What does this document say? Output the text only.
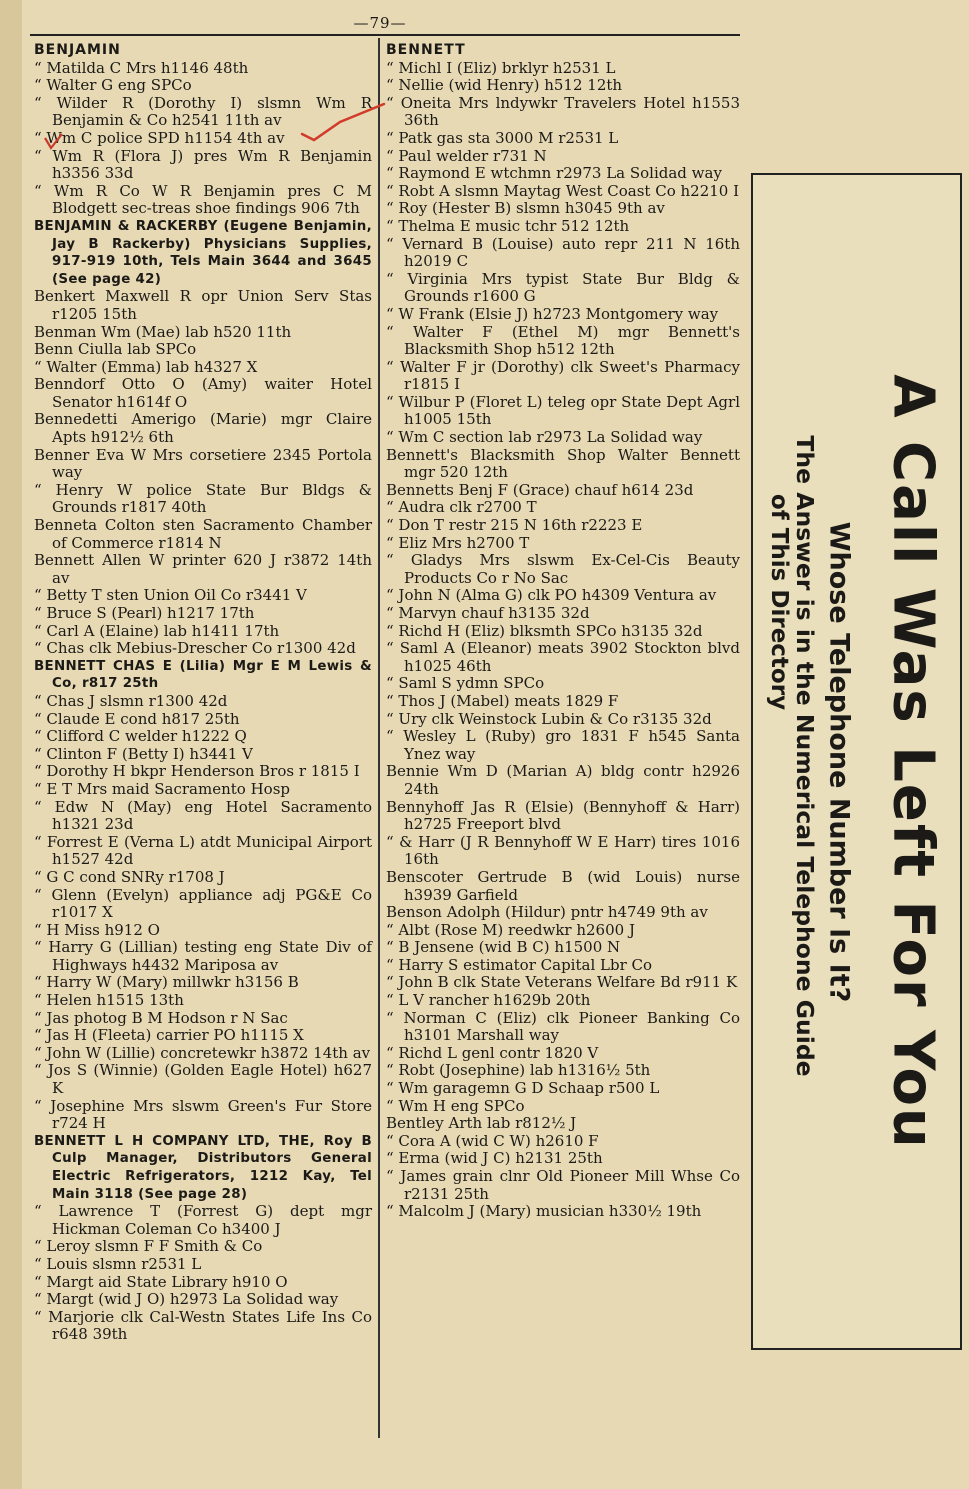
—79—

BENJAMIN

“ Matilda C Mrs h1146 48th

“ Walter G eng SPCo

“ Wilder R (Dorothy I) slsmn Wm R Benjamin & Co h2541 11th av

“ Wm C police SPD h1154 4th av

“ Wm R (Flora J) pres Wm R Benjamin h3356 33d

“ Wm R Co W R Benjamin pres C M Blodgett sec-treas shoe findings 906 7th

BENJAMIN & RACKERBY (Eugene Benjamin, Jay B Rackerby) Physicians Supplies, 917-919 10th, Tels Main 3644 and 3645 (See page 42)

Benkert Maxwell R opr Union Serv Stas r1205 15th

Benman Wm (Mae) lab h520 11th

Benn Ciulla lab SPCo

“ Walter (Emma) lab h4327 X

Benndorf Otto O (Amy) waiter Hotel Senator h1614f O

Bennedetti Amerigo (Marie) mgr Claire Apts h912½ 6th

Benner Eva W Mrs corsetiere 2345 Portola way

“ Henry W police State Bur Bldgs & Grounds r1817 40th

Benneta Colton sten Sacramento Chamber of Commerce r1814 N

Bennett Allen W printer 620 J r3872 14th av

“ Betty T sten Union Oil Co r3441 V

“ Bruce S (Pearl) h1217 17th

“ Carl A (Elaine) lab h1411 17th

“ Chas clk Mebius-Drescher Co r1300 42d

BENNETT CHAS E (Lilia) Mgr E M Lewis & Co, r817 25th

“ Chas J slsmn r1300 42d

“ Claude E cond h817 25th

“ Clifford C welder h1222 Q

“ Clinton F (Betty I) h3441 V

“ Dorothy H bkpr Henderson Bros r 1815 I

“ E T Mrs maid Sacramento Hosp

“ Edw N (May) eng Hotel Sacramento h1321 23d

“ Forrest E (Verna L) atdt Municipal Airport h1527 42d

“ G C cond SNRy r1708 J

“ Glenn (Evelyn) appliance adj PG&E Co r1017 X

“ H Miss h912 O

“ Harry G (Lillian) testing eng State Div of Highways h4432 Mariposa av

“ Harry W (Mary) millwkr h3156 B

“ Helen h1515 13th

“ Jas photog B M Hodson r N Sac

“ Jas H (Fleeta) carrier PO h1115 X

“ John W (Lillie) concretewkr h3872 14th av

“ Jos S (Winnie) (Golden Eagle Hotel) h627 K

“ Josephine Mrs slswm Green's Fur Store r724 H

BENNETT L H COMPANY LTD, THE, Roy B Culp Manager, Distributors General Electric Refrigerators, 1212 Kay, Tel Main 3118 (See page 28)

“ Lawrence T (Forrest G) dept mgr Hickman Coleman Co h3400 J

“ Leroy slsmn F F Smith & Co

“ Louis slsmn r2531 L

“ Margt aid State Library h910 O

“ Margt (wid J O) h2973 La Solidad way

“ Marjorie clk Cal-Westn States Life Ins Co r648 39th

BENNETT

“ Michl I (Eliz) brklyr h2531 L

“ Nellie (wid Henry) h512 12th

“ Oneita Mrs lndywkr Travelers Hotel h1553 36th

“ Patk gas sta 3000 M r2531 L

“ Paul welder r731 N

“ Raymond E wtchmn r2973 La Solidad way

“ Robt A slsmn Maytag West Coast Co h2210 I

“ Roy (Hester B) slsmn h3045 9th av

“ Thelma E music tchr 512 12th

“ Vernard B (Louise) auto repr 211 N 16th h2019 C

“ Virginia Mrs typist State Bur Bldg & Grounds r1600 G

“ W Frank (Elsie J) h2723 Montgomery way

“ Walter F (Ethel M) mgr Bennett's Blacksmith Shop h512 12th

“ Walter F jr (Dorothy) clk Sweet's Pharmacy r1815 I

“ Wilbur P (Floret L) teleg opr State Dept Agrl h1005 15th

“ Wm C section lab r2973 La Solidad way

Bennett's Blacksmith Shop Walter Bennett mgr 520 12th

Bennetts Benj F (Grace) chauf h614 23d

“ Audra clk r2700 T

“ Don T restr 215 N 16th r2223 E

“ Eliz Mrs h2700 T

“ Gladys Mrs slswm Ex-Cel-Cis Beauty Products Co r No Sac

“ John N (Alma G) clk PO h4309 Ventura av

“ Marvyn chauf h3135 32d

“ Richd H (Eliz) blksmth SPCo h3135 32d

“ Saml A (Eleanor) meats 3902 Stockton blvd h1025 46th

“ Saml S ydmn SPCo

“ Thos J (Mabel) meats 1829 F

“ Ury clk Weinstock Lubin & Co r3135 32d

“ Wesley L (Ruby) gro 1831 F h545 Santa Ynez way

Bennie Wm D (Marian A) bldg contr h2926 24th

Bennyhoff Jas R (Elsie) (Bennyhoff & Harr) h2725 Freeport blvd

“ & Harr (J R Bennyhoff W E Harr) tires 1016 16th

Benscoter Gertrude B (wid Louis) nurse h3939 Garfield

Benson Adolph (Hildur) pntr h4749 9th av

“ Albt (Rose M) reedwkr h2600 J

“ B Jensene (wid B C) h1500 N

“ Harry S estimator Capital Lbr Co

“ John B clk State Veterans Welfare Bd r911 K

“ L V rancher h1629b 20th

“ Norman C (Eliz) clk Pioneer Banking Co h3101 Marshall way

“ Richd L genl contr 1820 V

“ Robt (Josephine) lab h1316½ 5th

“ Wm garagemn G D Schaap r500 L

“ Wm H eng SPCo

Bentley Arth lab r812½ J

“ Cora A (wid C W) h2610 F

“ Erma (wid J C) h2131 25th

“ James grain clnr Old Pioneer Mill Whse Co r2131 25th

“ Malcolm J (Mary) musician h330½ 19th

A Call Was Left For You
Whose Telephone Number Is It?
The Answer is in the Numerical Telephone Guide
of This Directory
